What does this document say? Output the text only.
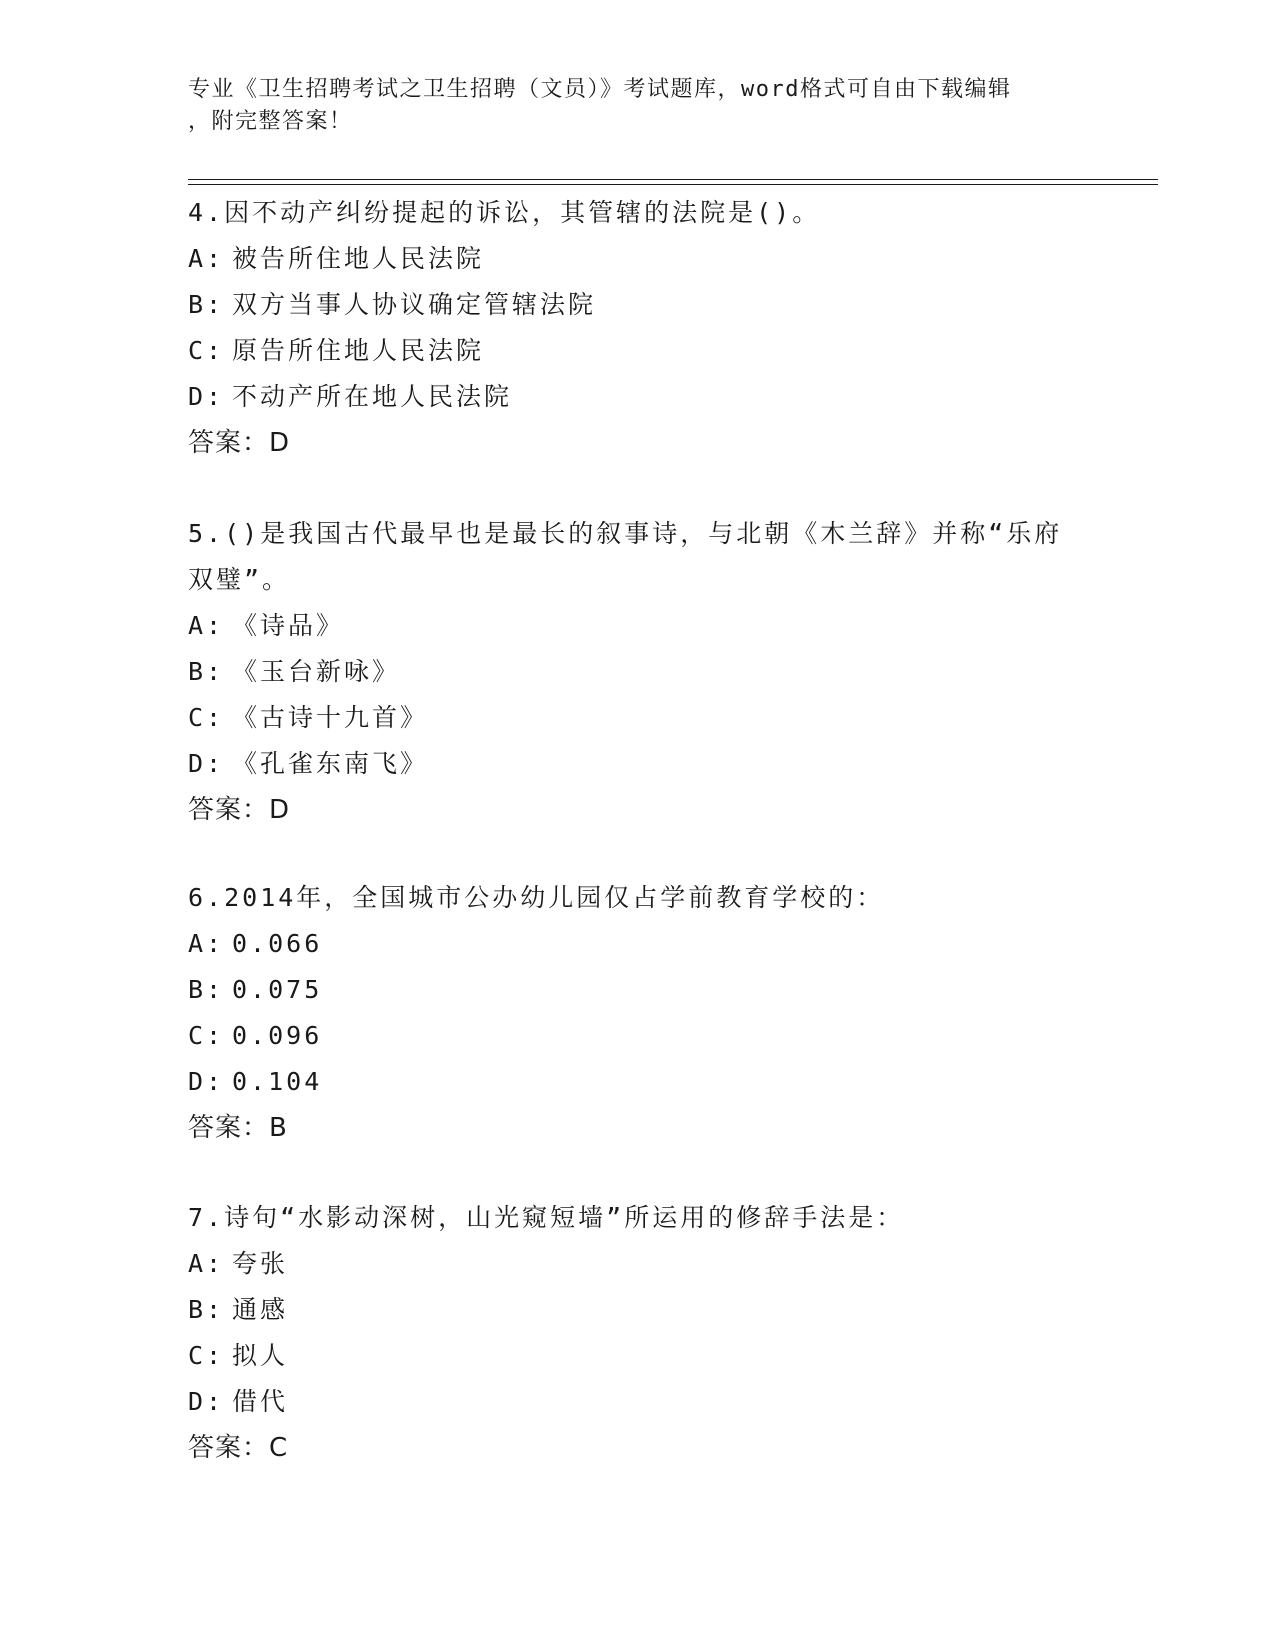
专业《卫生招聘考试之卫生招聘（文员）》考试题库，word格式可自由下载编辑
，附完整答案！
4.因不动产纠纷提起的诉讼，其管辖的法院是()。
A: 被告所住地人民法院
B: 双方当事人协议确定管辖法院
C: 原告所住地人民法院
D: 不动产所在地人民法院
答案：D
5.()是我国古代最早也是最长的叙事诗，与北朝《木兰辞》并称“乐府双璧”。
A: 《诗品》
B: 《玉台新咏》
C: 《古诗十九首》
D: 《孔雀东南飞》
答案：D
6.2014年，全国城市公办幼儿园仅占学前教育学校的：
A: 0.066
B: 0.075
C: 0.096
D: 0.104
答案：B
7.诗句“水影动深树，山光窥短墙”所运用的修辞手法是：
A: 夸张
B: 通感
C: 拟人
D: 借代
答案：C
